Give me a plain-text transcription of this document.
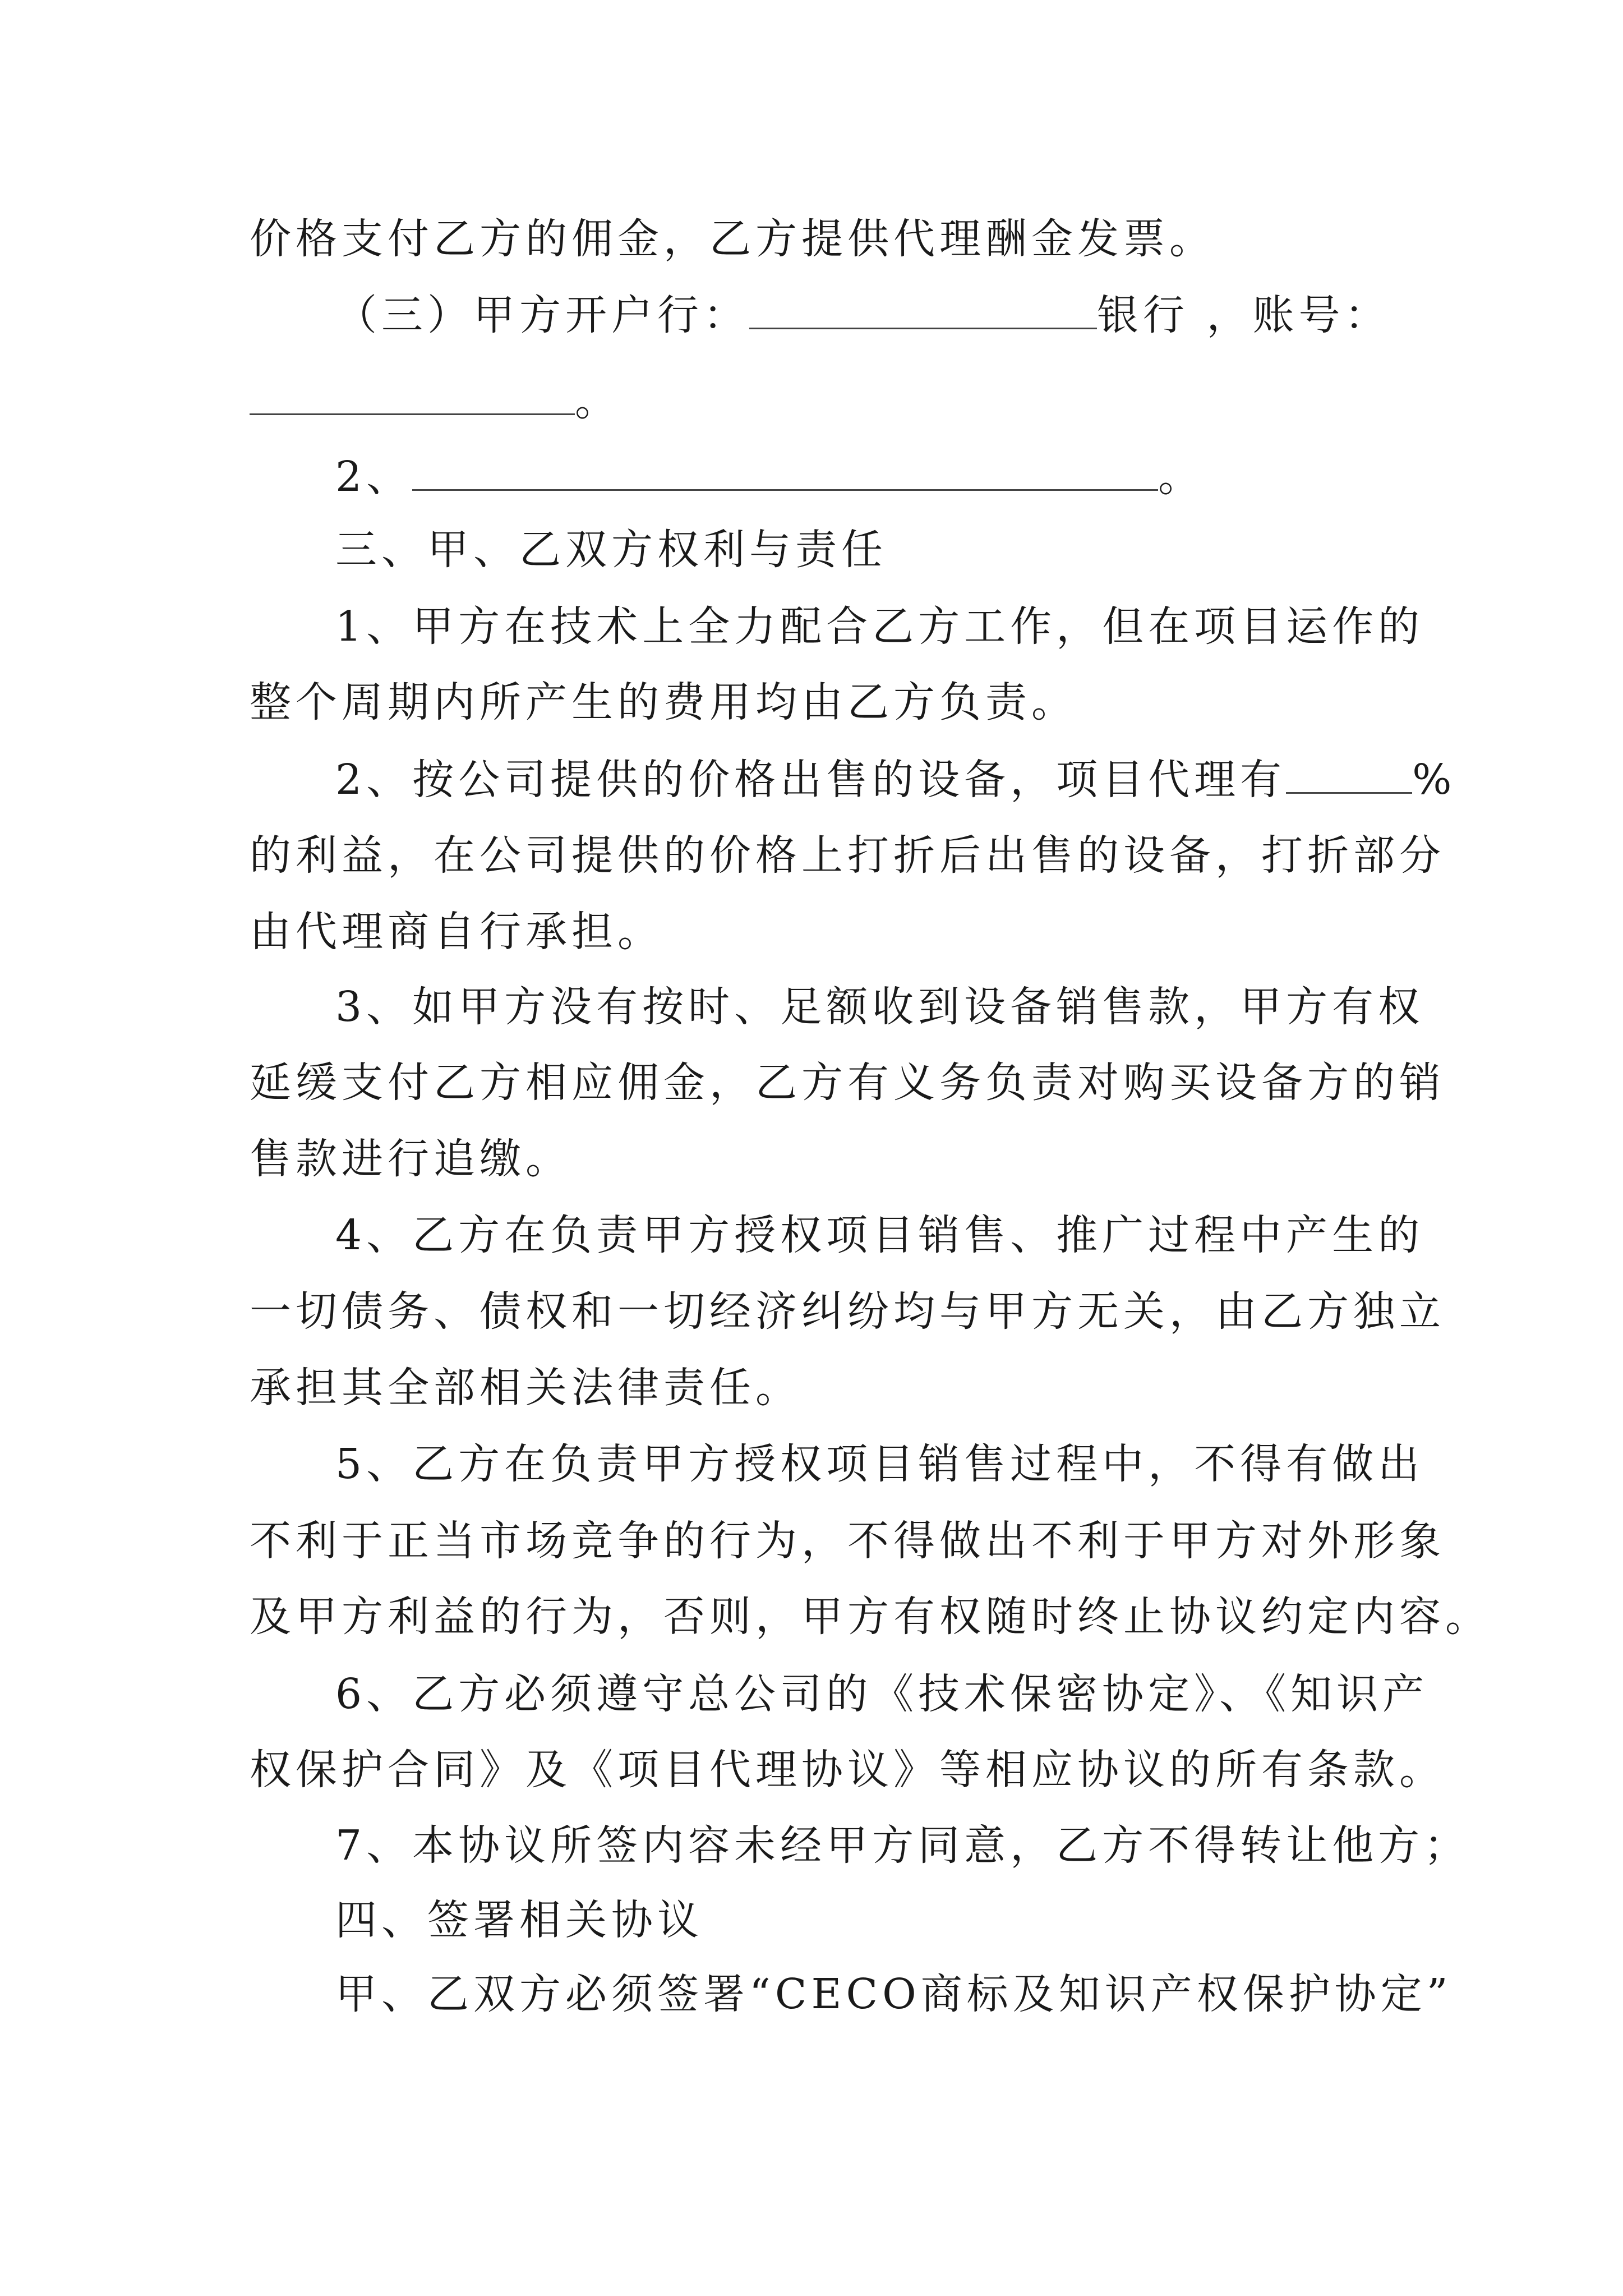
价格支付乙方的佣金，乙方提供代理酬金发票。
（三）甲方开户行：	银行 ，账号：
。
2、	。
三、甲、乙双方权利与责任
1、甲方在技术上全力配合乙方工作，但在项目运作的
整个周期内所产生的费用均由乙方负责。
2、按公司提供的价格出售的设备，项目代理有	%
的利益，在公司提供的价格上打折后出售的设备，打折部分
由代理商自行承担。
3、如甲方没有按时、足额收到设备销售款，甲方有权
延缓支付乙方相应佣金，乙方有义务负责对购买设备方的销
售款进行追缴。
4、乙方在负责甲方授权项目销售、推广过程中产生的
一切债务、债权和一切经济纠纷均与甲方无关，由乙方独立
承担其全部相关法律责任。
5、乙方在负责甲方授权项目销售过程中，不得有做出
不利于正当市场竞争的行为，不得做出不利于甲方对外形象
及甲方利益的行为，否则，甲方有权随时终止协议约定内容。
6、乙方必须遵守总公司的《技术保密协定》、《知识产
权保护合同》及《项目代理协议》等相应协议的所有条款。
7、本协议所签内容未经甲方同意，乙方不得转让他方；
四、签署相关协议
甲、乙双方必须签署“CECO商标及知识产权保护协定”
